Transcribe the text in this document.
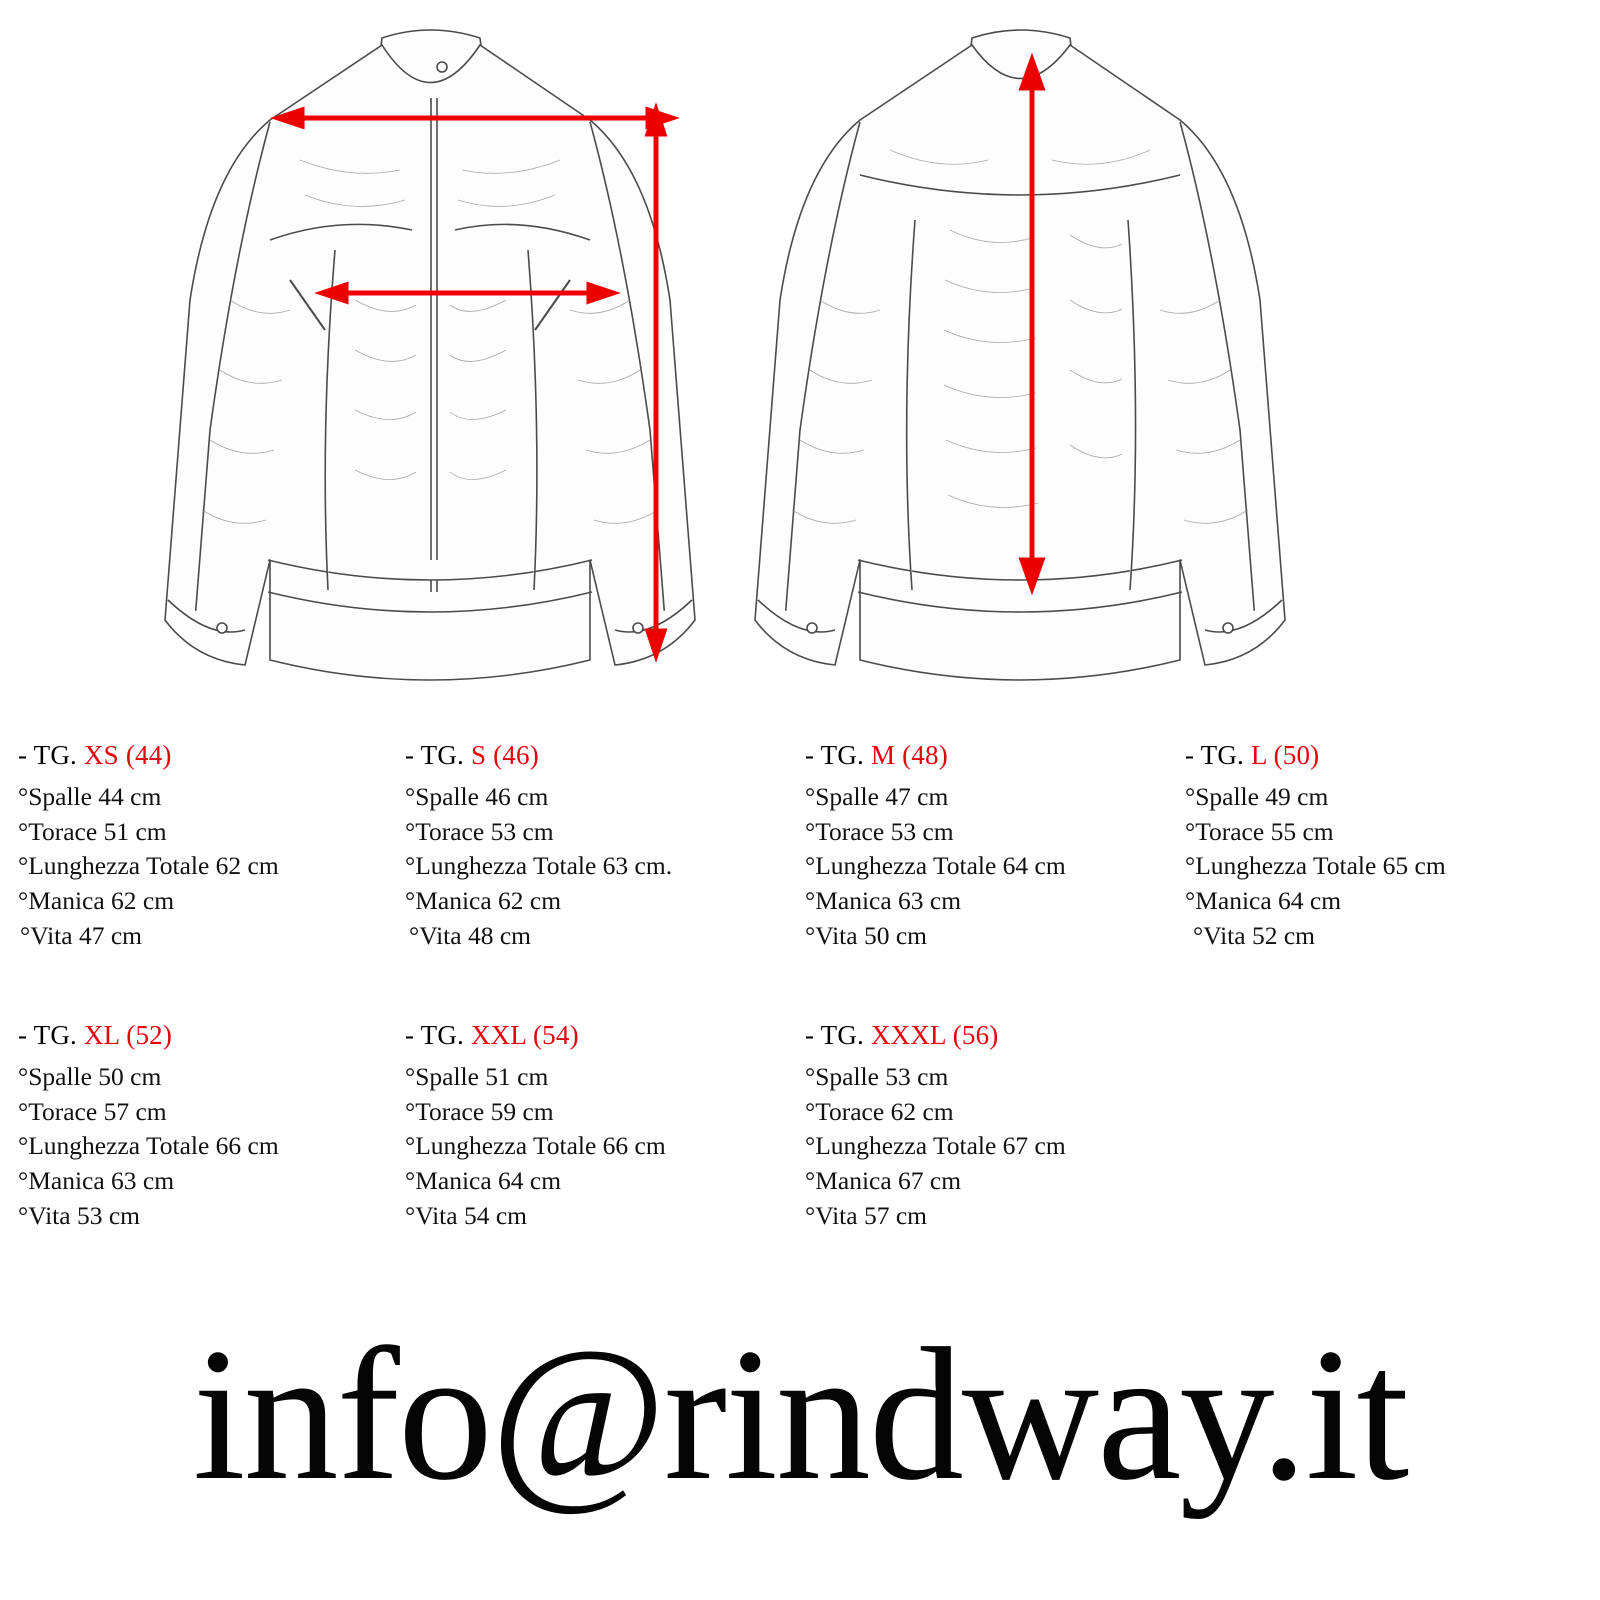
- TG. XS (44)
°Spalle 44 cm
°Torace 51 cm
°Lunghezza Totale 62 cm
°Manica 62 cm
°Vita 47 cm
- TG. S (46)
°Spalle 46 cm
°Torace 53 cm
°Lunghezza Totale 63 cm.
°Manica 62 cm
°Vita 48 cm
- TG. M (48)
°Spalle 47 cm
°Torace 53 cm
°Lunghezza Totale 64 cm
°Manica 63 cm
°Vita 50 cm
- TG. L (50)
°Spalle 49 cm
°Torace 55 cm
°Lunghezza Totale 65 cm
°Manica 64 cm
°Vita 52 cm
- TG. XL (52)
°Spalle 50 cm
°Torace 57 cm
°Lunghezza Totale 66 cm
°Manica 63 cm
°Vita 53 cm
- TG. XXL (54)
°Spalle 51 cm
°Torace 59 cm
°Lunghezza Totale 66 cm
°Manica 64 cm
°Vita 54 cm
- TG. XXXL (56)
°Spalle 53 cm
°Torace 62 cm
°Lunghezza Totale 67 cm
°Manica 67 cm
°Vita 57 cm
info@rindway.it
